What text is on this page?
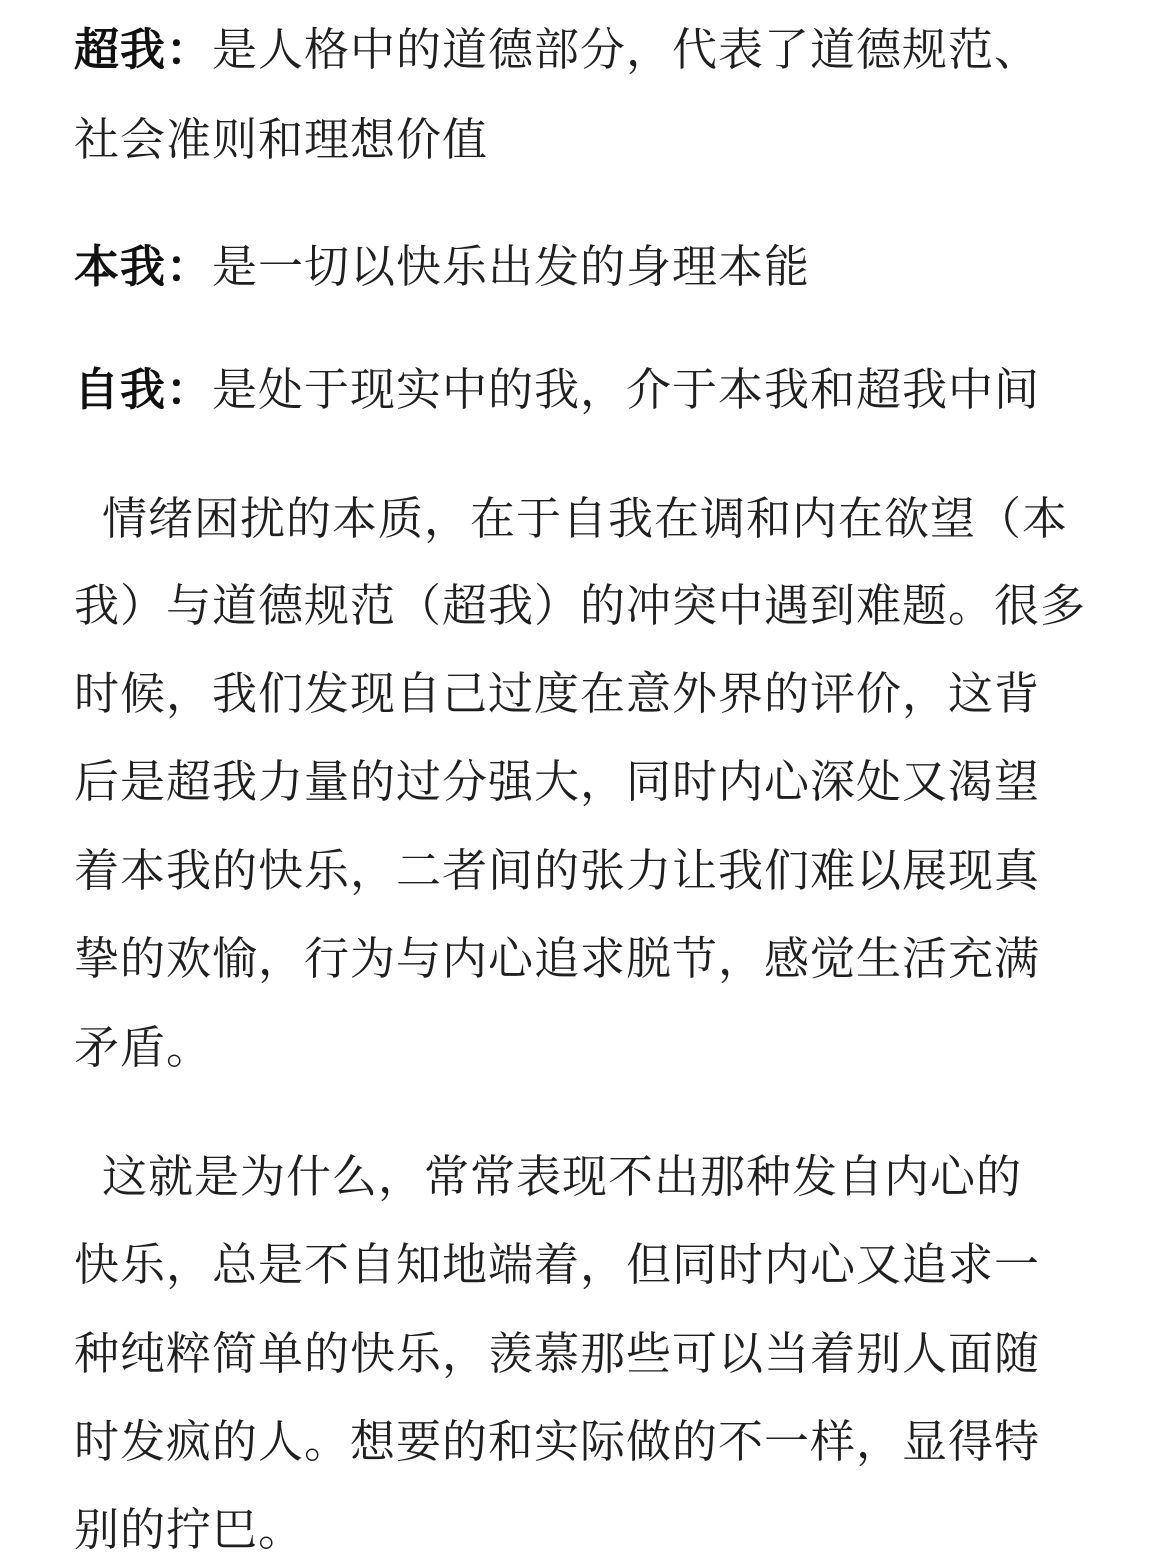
超我：是人格中的道德部分，代表了道德规范、
社会准则和理想价值
本我：是一切以快乐出发的身理本能
自我：是处于现实中的我，介于本我和超我中间
情绪困扰的本质，在于自我在调和内在欲望（本
我）与道德规范（超我）的冲突中遇到难题。很多
时候，我们发现自己过度在意外界的评价，这背
后是超我力量的过分强大，同时内心深处又渴望
着本我的快乐，二者间的张力让我们难以展现真
挚的欢愉，行为与内心追求脱节，感觉生活充满
矛盾。
这就是为什么，常常表现不出那种发自内心的
快乐，总是不自知地端着，但同时内心又追求一
种纯粹简单的快乐，羡慕那些可以当着别人面随
时发疯的人。想要的和实际做的不一样，显得特
别的拧巴。
